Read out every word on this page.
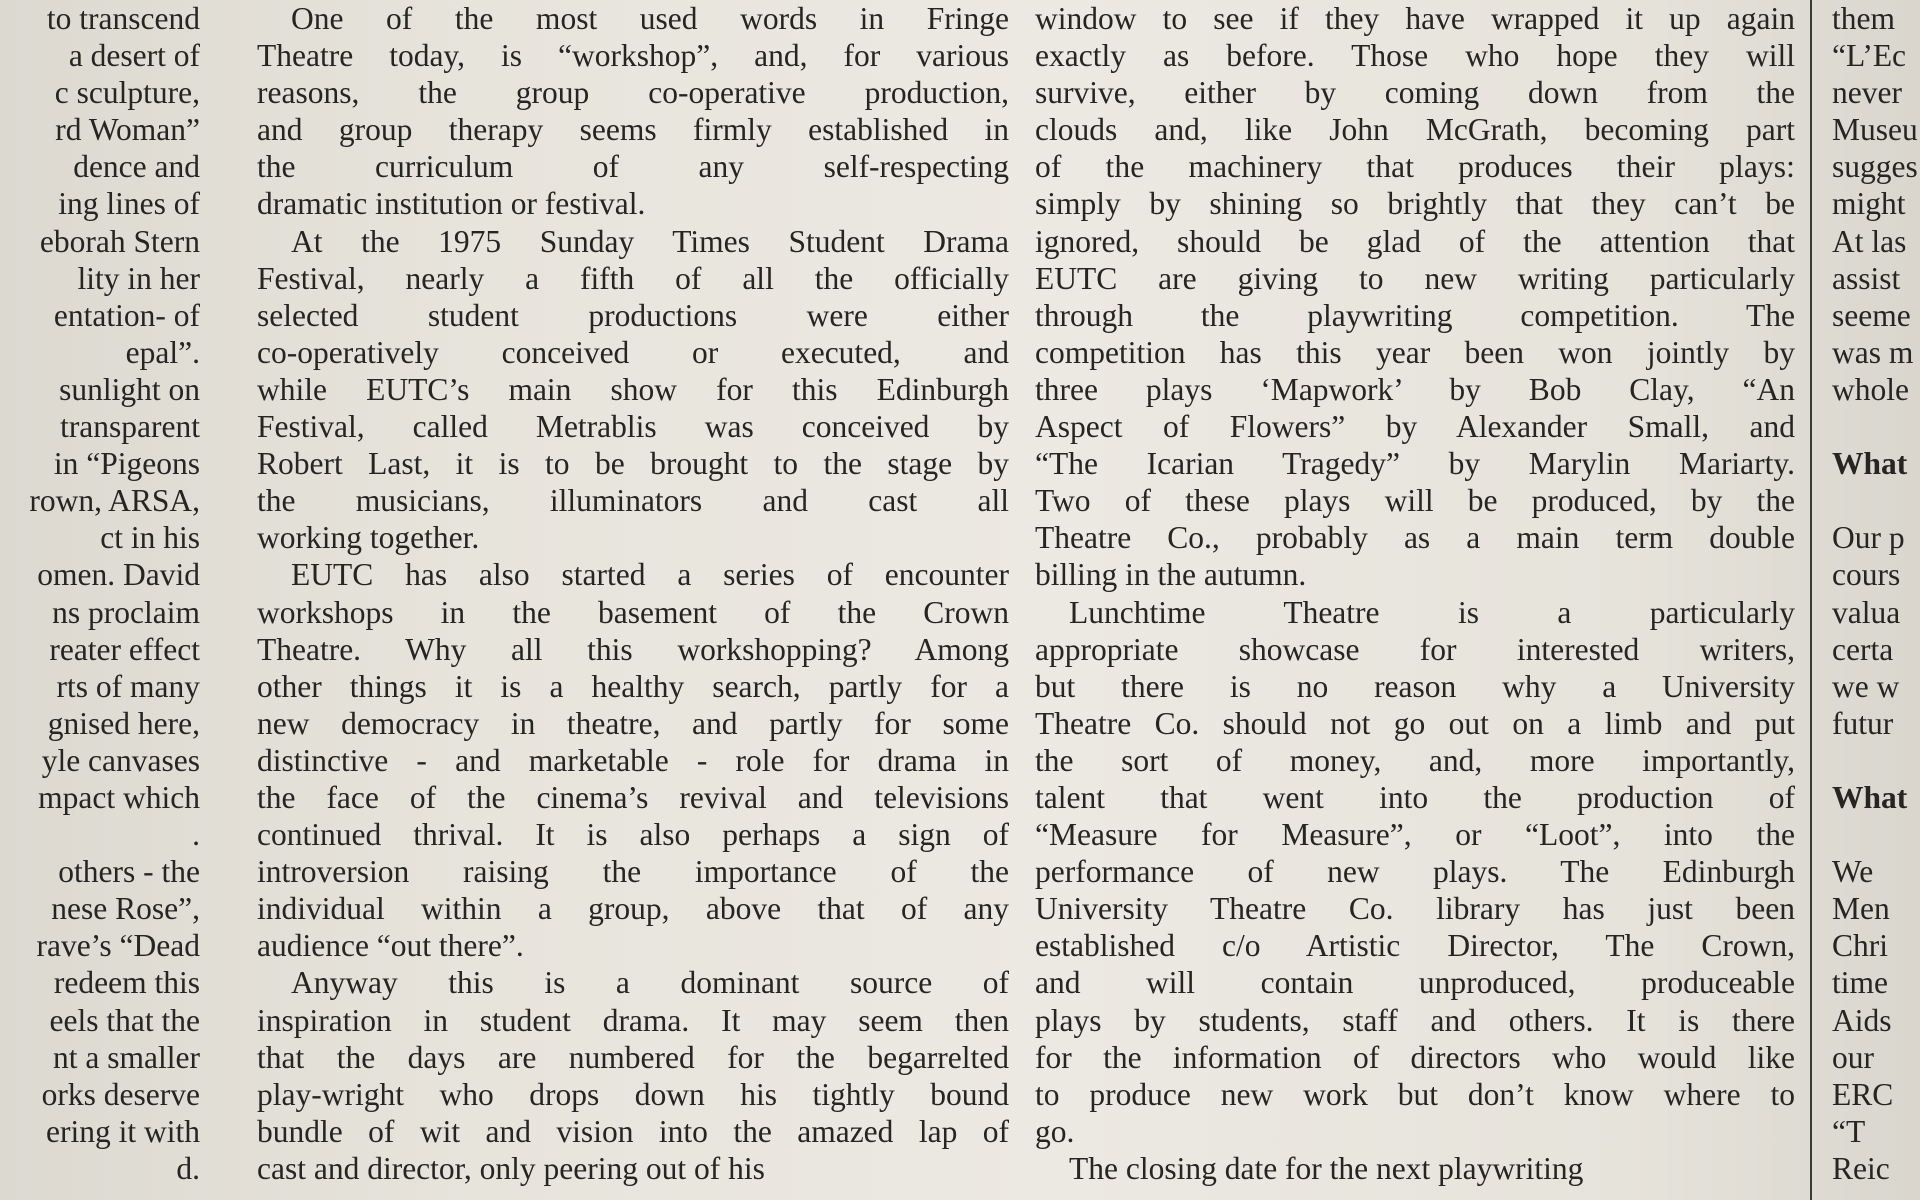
to transcend
a desert of
c sculpture,
rd Woman”
dence and
ing lines of
eborah Stern
lity in her
entation- of
epal”.
sunlight on
transparent
in “Pigeons
rown, ARSA,
ct in his
omen. David
ns proclaim
reater effect
rts of many
gnised here,
yle canvases
mpact which
.
others - the
nese Rose”,
rave’s “Dead
redeem this
eels that the
nt a smaller
orks deserve
ering it with
d.
One of the most used words in Fringe
Theatre today, is “workshop”, and, for various
reasons, the group co-operative production,
and group therapy seems firmly established in
the curriculum of any self-respecting
dramatic institution or festival.
At the 1975 Sunday Times Student Drama
Festival, nearly a fifth of all the officially
selected student productions were either
co-operatively conceived or executed, and
while EUTC’s main show for this Edinburgh
Festival, called Metrablis was conceived by
Robert Last, it is to be brought to the stage by
the musicians, illuminators and cast all
working together.
EUTC has also started a series of encounter
workshops in the basement of the Crown
Theatre. Why all this workshopping? Among
other things it is a healthy search, partly for a
new democracy in theatre, and partly for some
distinctive - and marketable - role for drama in
the face of the cinema’s revival and televisions
continued thrival. It is also perhaps a sign of
introversion raising the importance of the
individual within a group, above that of any
audience “out there”.
Anyway this is a dominant source of
inspiration in student drama. It may seem then
that the days are numbered for the begarrelted
play-wright who drops down his tightly bound
bundle of wit and vision into the amazed lap of
cast and director, only peering out of his
window to see if they have wrapped it up again
exactly as before. Those who hope they will
survive, either by coming down from the
clouds and, like John McGrath, becoming part
of the machinery that produces their plays:
simply by shining so brightly that they can’t be
ignored, should be glad of the attention that
EUTC are giving to new writing particularly
through the playwriting competition. The
competition has this year been won jointly by
three plays ‘Mapwork’ by Bob Clay, “An
Aspect of Flowers” by Alexander Small, and
“The Icarian Tragedy” by Marylin Mariarty.
Two of these plays will be produced, by the
Theatre Co., probably as a main term double
billing in the autumn.
Lunchtime Theatre is a particularly
appropriate showcase for interested writers,
but there is no reason why a University
Theatre Co. should not go out on a limb and put
the sort of money, and, more importantly,
talent that went into the production of
“Measure for Measure”, or “Loot”, into the
performance of new plays. The Edinburgh
University Theatre Co. library has just been
established c/o Artistic Director, The Crown,
and will contain unproduced, produceable
plays by students, staff and others. It is there
for the information of directors who would like
to produce new work but don’t know where to
go.
The closing date for the next playwriting
them
“L’Ec
never
Museu
sugges
might
At las
assist
seeme
was m
whole
What
Our p
cours
valua
certa
we w
futur
What
We
Men
Chri
time
Aids
our
ERC
“T
Reic
